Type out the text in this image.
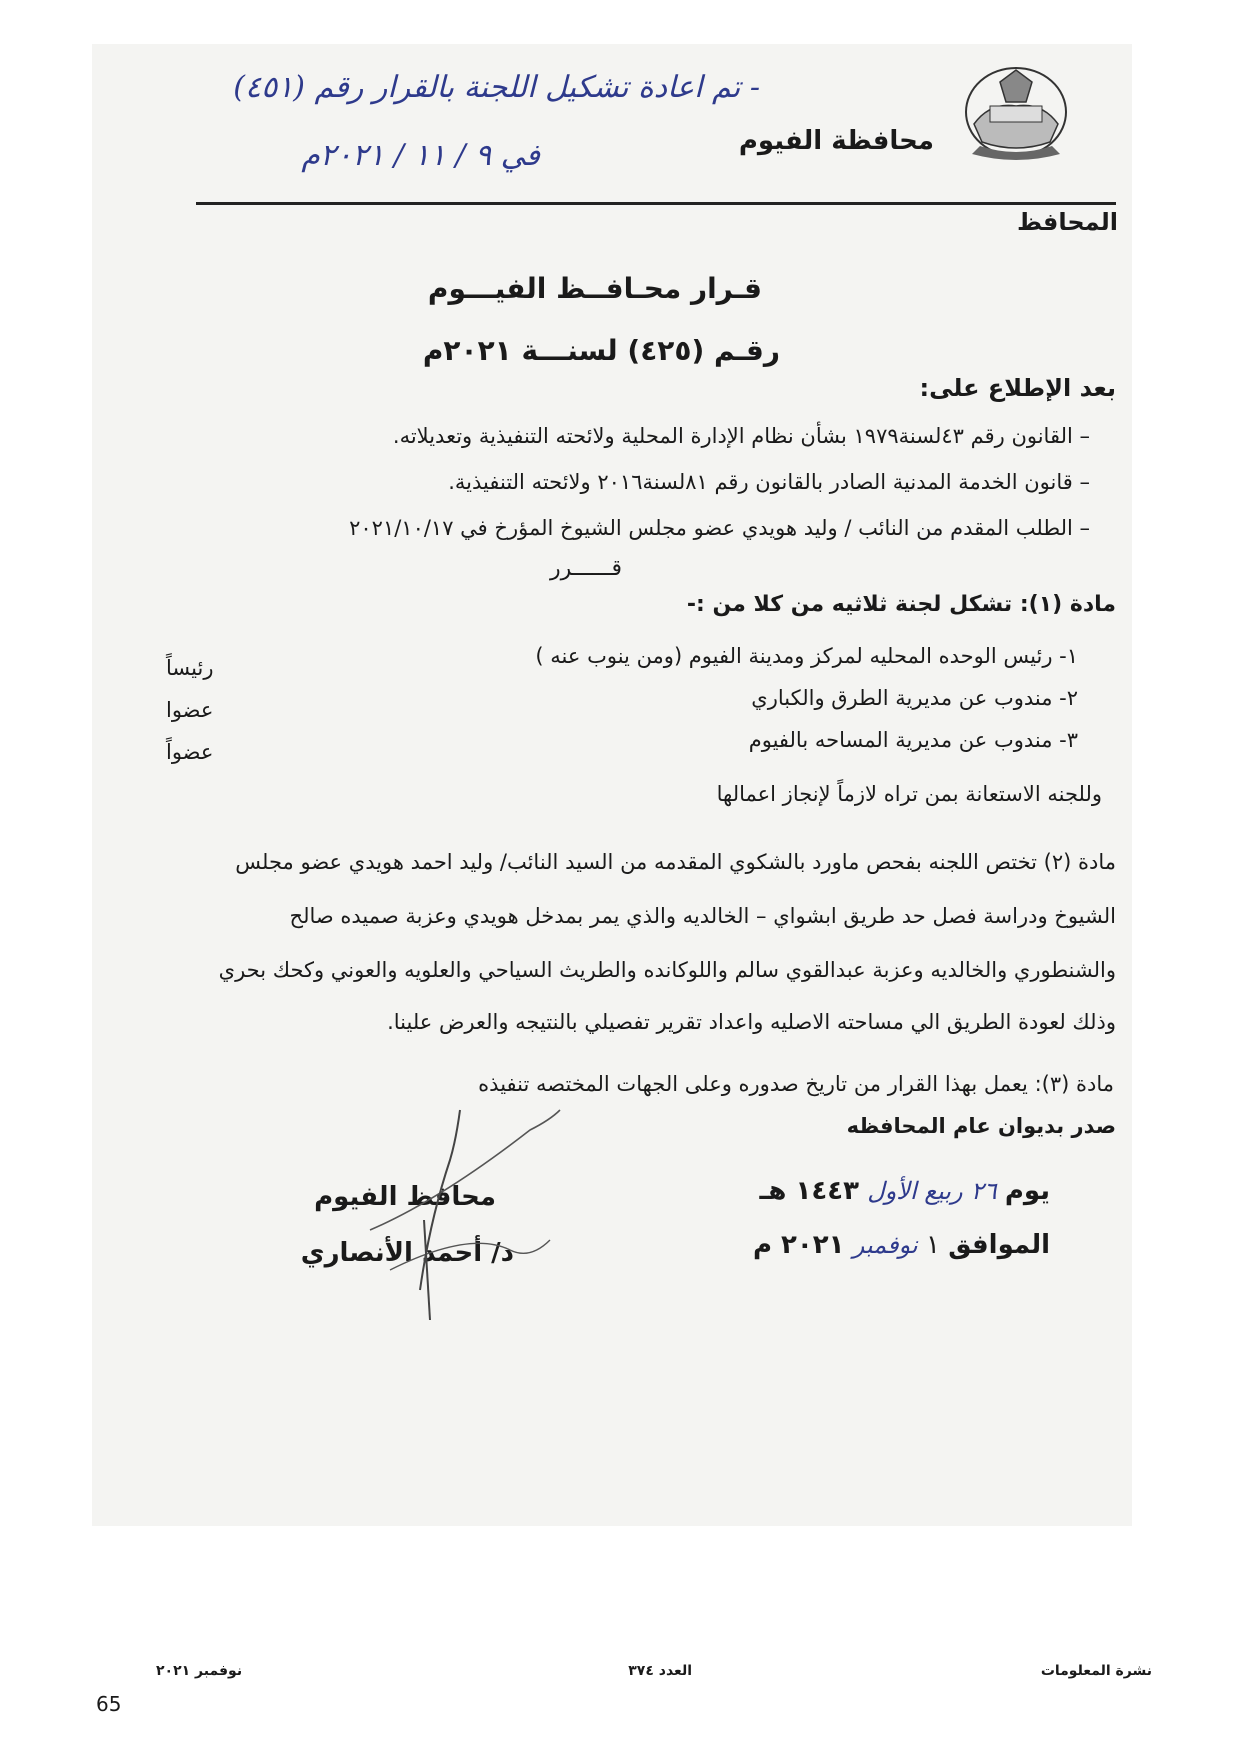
- تم اعادة تشكيل اللجنة بالقرار رقم (٤٥١)
في ٩ / ١١ / ٢٠٢١م	محافظة الفيوم
المحافظ
قـرار محـافــظ الفيـــوم
رقـم (٤٢٥) لسنـــة ٢٠٢١م
بعد الإطلاع على:
– القانون رقم ٤٣لسنة١٩٧٩ بشأن نظام الإدارة المحلية ولائحته التنفيذية وتعديلاته.
– قانون الخدمة المدنية الصادر بالقانون رقم ٨١لسنة٢٠١٦ ولائحته التنفيذية.
– الطلب المقدم من النائب / وليد هويدي عضو مجلس الشيوخ المؤرخ في ٢٠٢١/١٠/١٧
قــــــرر
مادة (١): تشكل لجنة ثلاثيه من كلا من :-
١- رئيس الوحده المحليه لمركز ومدينة الفيوم (ومن ينوب عنه )
رئيساً
٢- مندوب عن مديرية الطرق والكباري
عضوا
٣- مندوب عن مديرية المساحه بالفيوم
عضواً
وللجنه الاستعانة بمن تراه لازماً لإنجاز اعمالها
مادة (٢) تختص اللجنه بفحص ماورد بالشكوي المقدمه من السيد النائب/ وليد احمد هويدي عضو مجلس
الشيوخ ودراسة فصل حد طريق ابشواي – الخالديه والذي يمر بمدخل هويدي وعزبة صميده صالح
والشنطوري والخالديه وعزبة عبدالقوي سالم واللوكانده والطريث السياحي والعلويه والعوني وكحك بحري
وذلك لعودة الطريق الي مساحته الاصليه واعداد تقرير تفصيلي بالنتيجه والعرض علينا.
مادة (٣): يعمل بهذا القرار من تاريخ صدوره وعلى الجهات المختصه تنفيذه
صدر بديوان عام المحافظه
يوم ٢٦ ربيع الأول ١٤٤٣ هـ
الموافق ١ نوفمبر ٢٠٢١ م
محافظ الفيوم
د/ أحمد الأنصاري
نشرة المعلومات
العدد ٣٧٤
نوفمبر ٢٠٢١
65
